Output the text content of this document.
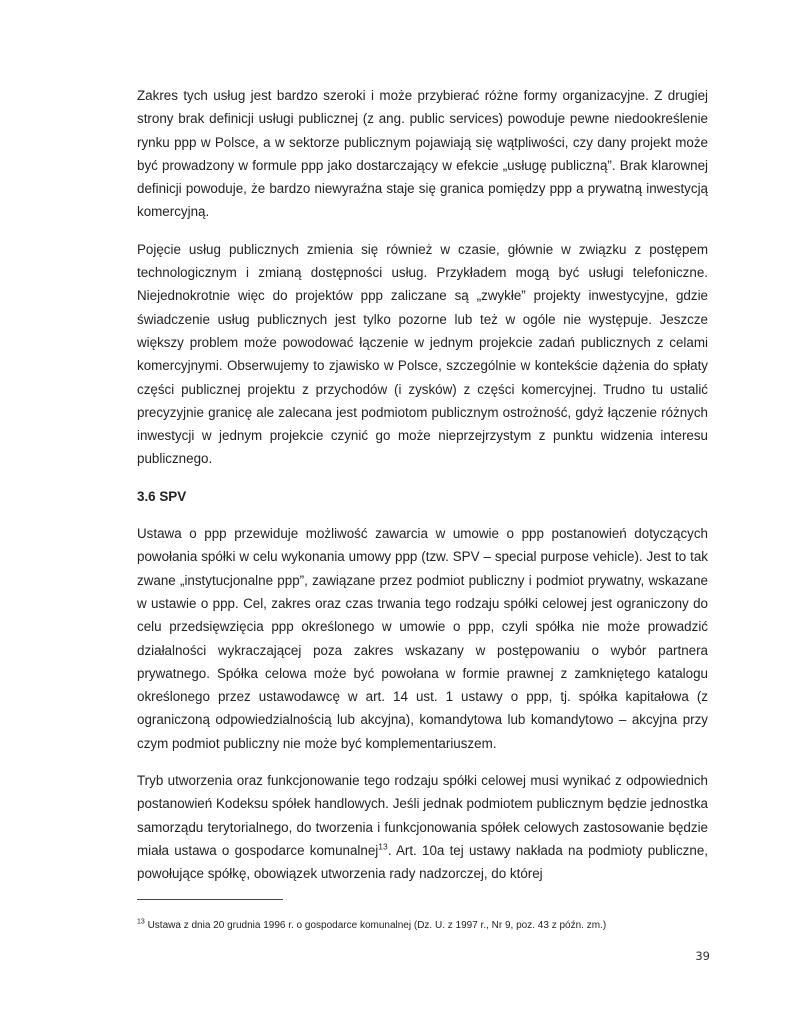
Zakres tych usług jest bardzo szeroki i może przybierać różne formy organizacyjne. Z drugiej strony brak definicji usługi publicznej (z ang. public services) powoduje pewne niedookreślenie rynku ppp w Polsce, a w sektorze publicznym pojawiają się wątpliwości, czy dany projekt może być prowadzony w formule ppp jako dostarczający w efekcie „usługę publiczną”. Brak klarownej definicji powoduje, że bardzo niewyraźna staje się granica pomiędzy ppp a prywatną inwestycją komercyjną.

Pojęcie usług publicznych zmienia się również w czasie, głównie w związku z postępem technologicznym i zmianą dostępności usług. Przykładem mogą być usługi telefoniczne. Niejednokrotnie więc do projektów ppp zaliczane są „zwykłe” projekty inwestycyjne, gdzie świadczenie usług publicznych jest tylko pozorne lub też w ogóle nie występuje. Jeszcze większy problem może powodować łączenie w jednym projekcie zadań publicznych z celami komercyjnymi. Obserwujemy to zjawisko w Polsce, szczególnie w kontekście dążenia do spłaty części publicznej projektu z przychodów (i zysków) z części komercyjnej. Trudno tu ustalić precyzyjnie granicę ale zalecana jest podmiotom publicznym ostrożność, gdyż łączenie różnych inwestycji w jednym projekcie czynić go może nieprzejrzystym z punktu widzenia interesu publicznego.

3.6 SPV

Ustawa o ppp przewiduje możliwość zawarcia w umowie o ppp postanowień dotyczących powołania spółki w celu wykonania umowy ppp (tzw. SPV – special purpose vehicle). Jest to tak zwane „instytucjonalne ppp”, zawiązane przez podmiot publiczny i podmiot prywatny, wskazane w ustawie o ppp. Cel, zakres oraz czas trwania tego rodzaju spółki celowej jest ograniczony do celu przedsięwzięcia ppp określonego w umowie o ppp, czyli spółka nie może prowadzić działalności wykraczającej poza zakres wskazany w postępowaniu o wybór partnera prywatnego. Spółka celowa może być powołana w formie prawnej z zamkniętego katalogu określonego przez ustawodawcę w art. 14 ust. 1 ustawy o ppp, tj. spółka kapitałowa (z ograniczoną odpowiedzialnością lub akcyjna), komandytowa lub komandytowo – akcyjna przy czym podmiot publiczny nie może być komplementariuszem.

Tryb utworzenia oraz funkcjonowanie tego rodzaju spółki celowej musi wynikać z odpowiednich postanowień Kodeksu spółek handlowych. Jeśli jednak podmiotem publicznym będzie jednostka samorządu terytorialnego, do tworzenia i funkcjonowania spółek celowych zastosowanie będzie miała ustawa o gospodarce komunalnej$^{13}$. Art. 10a tej ustawy nakłada na podmioty publiczne, powołujące spółkę, obowiązek utworzenia rady nadzorczej, do której

$^{13}$ Ustawa z dnia 20 grudnia 1996 r. o gospodarce komunalnej (Dz. U. z 1997 r., Nr 9, poz. 43 z późn. zm.)
39
